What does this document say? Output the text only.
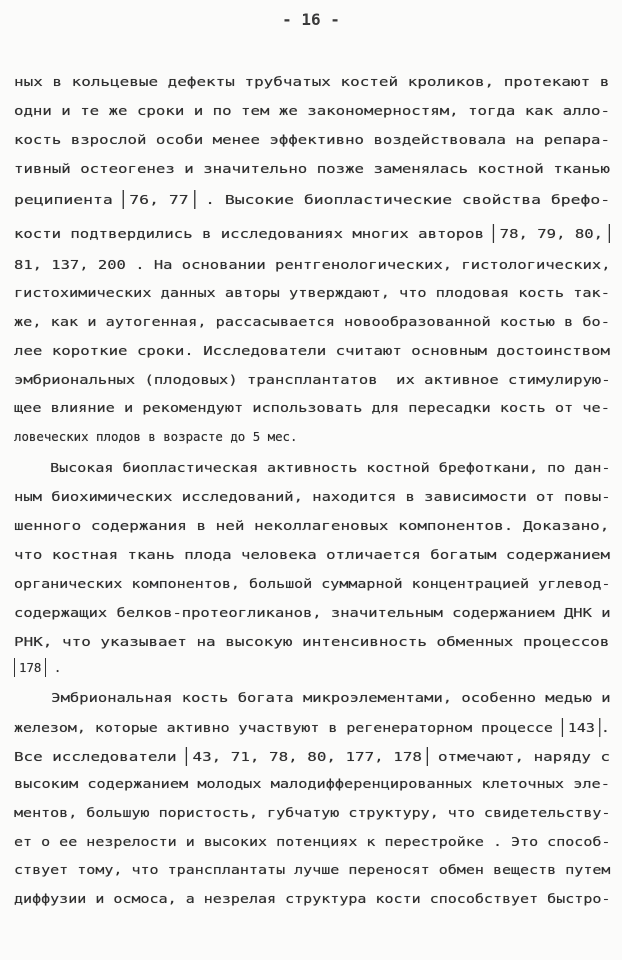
- 16 -
ных в кольцевые дефекты трубчатых костей кроликов, протекают в
одни и те же сроки и по тем же закономерностям, тогда как алло-
кость взрослой особи менее эффективно воздействовала на репара-
тивный остеогенез и значительно позже заменялась костной тканью
реципиента 76, 77 . Высокие биопластические свойства брефо-
кости подтвердились в исследованиях многих авторов 78, 79, 80,
81, 137, 200 . На основании рентгенологических, гистологических,
гистохимических данных авторы утверждают, что плодовая кость так-
же, как и аутогенная, рассасывается новообразованной костью в бо-
лее короткие сроки. Исследователи считают основным достоинством
эмбриональных (плодовых) трансплантатов  их активное стимулирую-
щее влияние и рекомендуют использовать для пересадки кость от че-
ловеческих плодов в возрасте до 5 мес.
Высокая биопластическая активность костной брефоткани, по дан-
ным биохимических исследований, находится в зависимости от повы-
шенного содержания в ней неколлагеновых компонентов. Доказано,
что костная ткань плода человека отличается богатым содержанием
органических компонентов, большой суммарной концентрацией углевод-
содержащих белков-протеогликанов, значительным содержанием ДНК и
РНК, что указывает на высокую интенсивность обменных процессов
178 .
Эмбриональная кость богата микроэлементами, особенно медью и
железом, которые активно участвуют в регенераторном процессе 143 .
Все исследователи 43, 71, 78, 80, 177, 178 отмечают, наряду с
высоким содержанием молодых малодифференцированных клеточных эле-
ментов, большую пористость, губчатую структуру, что свидетельству-
ет о ее незрелости и высоких потенциях к перестройке . Это способ-
ствует тому, что трансплантаты лучше переносят обмен веществ путем
диффузии и осмоса, а незрелая структура кости способствует быстро-
